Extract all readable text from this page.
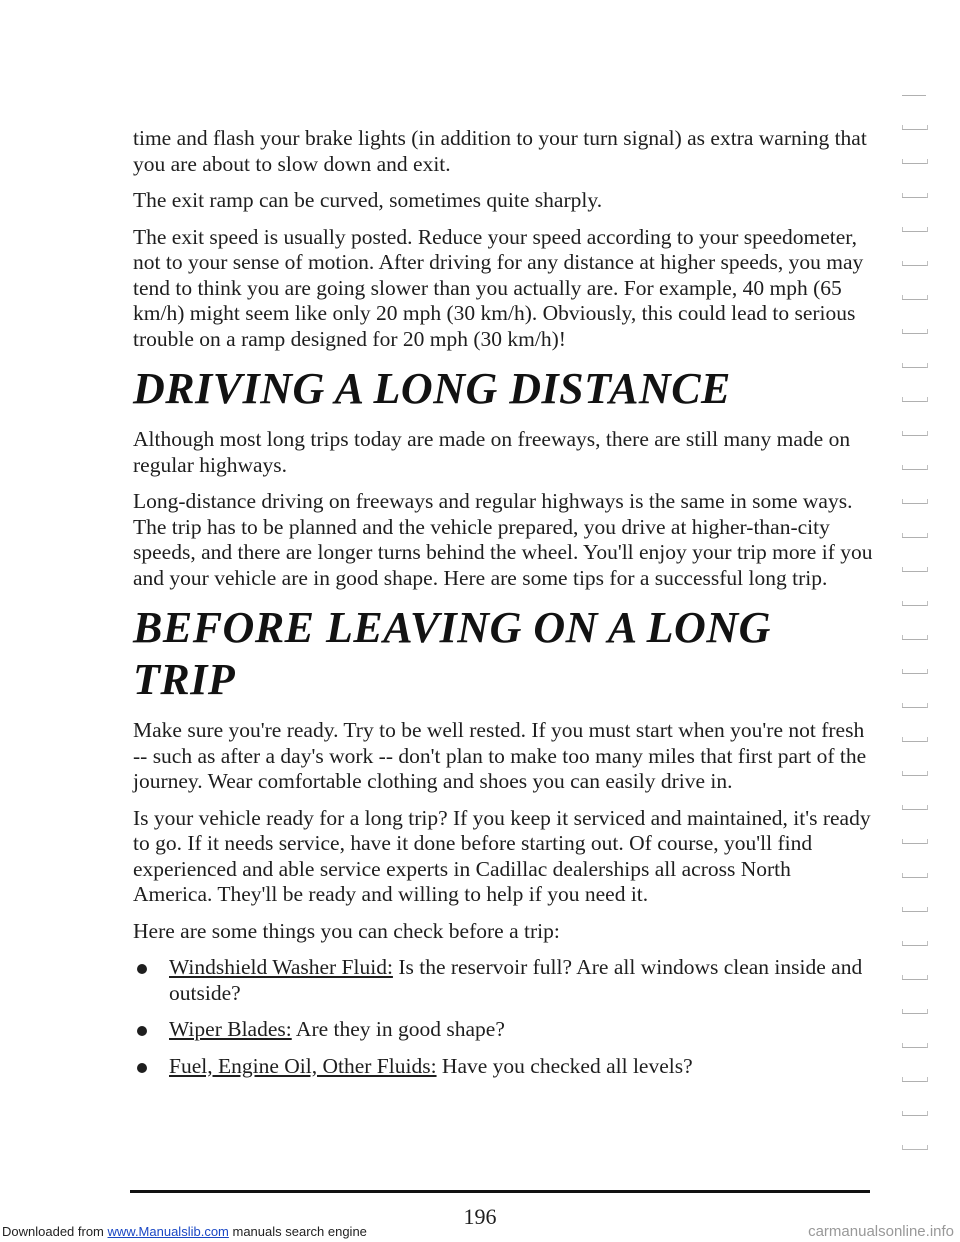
time and flash your brake lights (in addition to your turn signal) as extra warning that you are about to slow down and exit.

The exit ramp can be curved, sometimes quite sharply.

The exit speed is usually posted. Reduce your speed according to your speedometer, not to your sense of motion. After driving for any distance at higher speeds, you may tend to think you are going slower than you actually are. For example, 40 mph (65 km/h) might seem like only 20 mph (30 km/h). Obviously, this could lead to serious trouble on a ramp designed for 20 mph (30 km/h)!

DRIVING A LONG DISTANCE

Although most long trips today are made on freeways, there are still many made on regular highways.

Long-distance driving on freeways and regular highways is the same in some ways. The trip has to be planned and the vehicle prepared, you drive at higher-than-city speeds, and there are longer turns behind the wheel. You'll enjoy your trip more if you and your vehicle are in good shape. Here are some tips for a successful long trip.

BEFORE LEAVING ON A LONG TRIP

Make sure you're ready. Try to be well rested. If you must start when you're not fresh -- such as after a day's work -- don't plan to make too many miles that first part of the journey. Wear comfortable clothing and shoes you can easily drive in.

Is your vehicle ready for a long trip? If you keep it serviced and maintained, it's ready to go. If it needs service, have it done before starting out. Of course, you'll find experienced and able service experts in Cadillac dealerships all across North America. They'll be ready and willing to help if you need it.

Here are some things you can check before a trip:

Windshield Washer Fluid: Is the reservoir full? Are all windows clean inside and outside?
Wiper Blades: Are they in good shape?
Fuel, Engine Oil, Other Fluids: Have you checked all levels?
196
Downloaded from www.Manualslib.com manuals search engine	carmanualsonline.info
